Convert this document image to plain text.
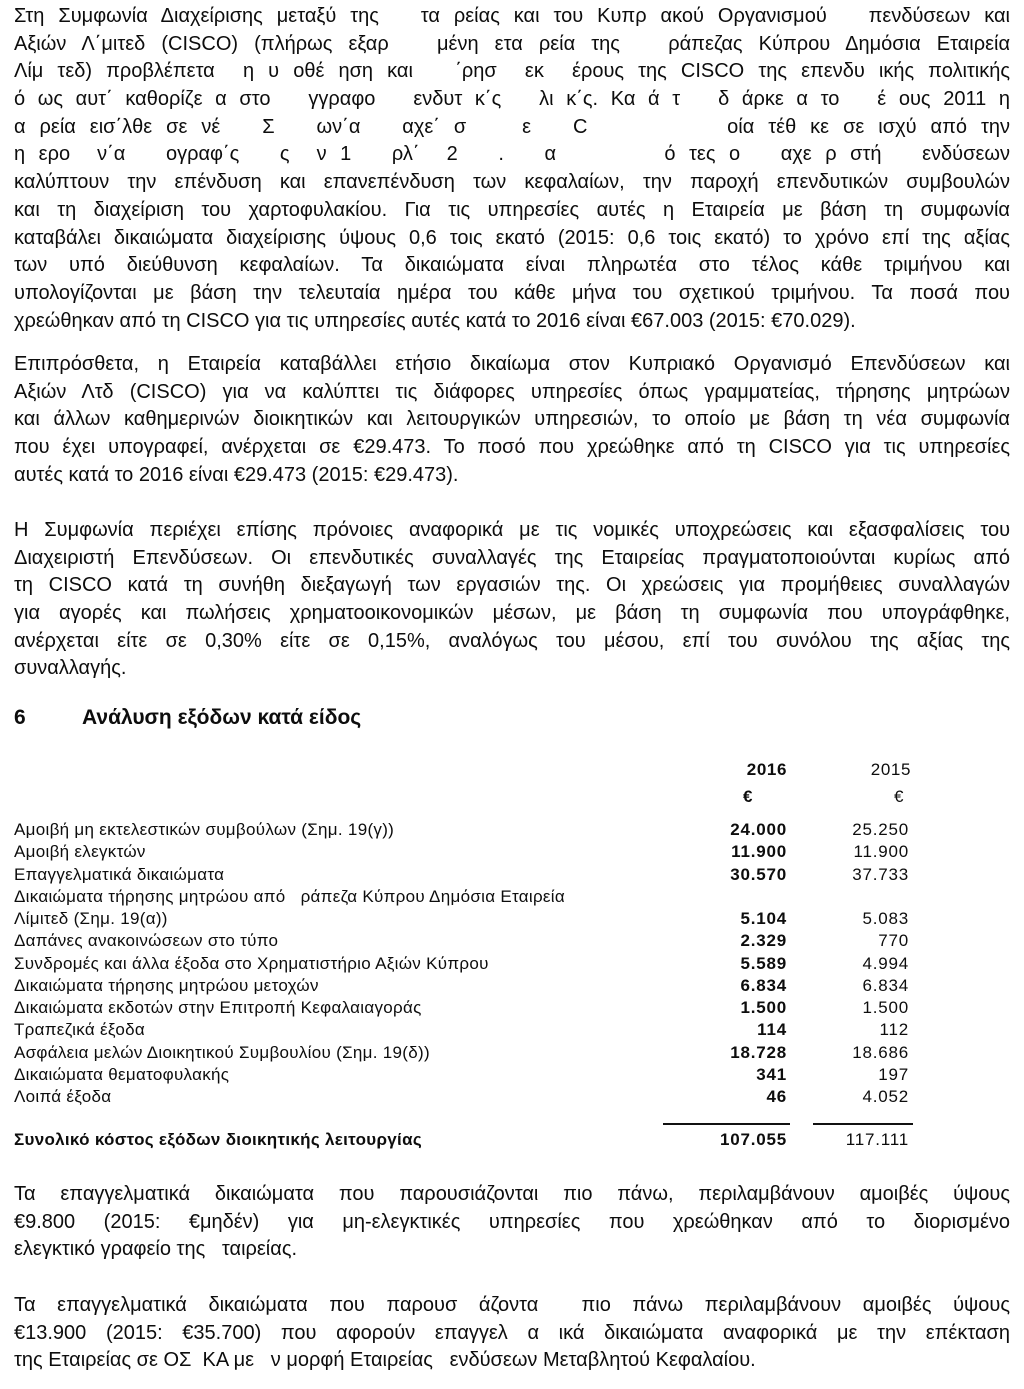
Στη Συμφωνία Διαχείρισης μεταξύ της   τα ρείας και του Κυπρ ακού Οργανισμού   πενδύσεων και
Αξιών Λ΄μιτεδ (CISCO) (πλήρως εξαρ   μένη ετα ρεία της   ράπεζας Κύπρου Δημόσια Εταιρεία
Λίμ τεδ) προβλέπετα  η υ οθέ ηση και   ΄ρησ  εκ  έρους της CISCO της επενδυ ικής πολιτικής
ό ως αυτ΄ καθορίζε α στο   γγραφο   ενδυτ κ΄ς   λι κ΄ς. Κα ά τ   δ άρκε α το   έ ους 2011 η
α ρεία εισ΄λθε σε νέ   Σ   ων΄α   αχε΄ σ    ε   C          οία τέθ κε σε ισχύ από την
η ερο  ν΄α   ογραφ΄ς   ς  ν 1   ρλ΄  2   .   α        ό τες ο   αχε ρ στή   ενδύσεων
καλύπτουν την επένδυση και επανεπένδυση των κεφαλαίων, την παροχή επενδυτικών συμβουλών
και τη διαχείριση του χαρτοφυλακίου. Για τις υπηρεσίες αυτές η Εταιρεία με βάση τη συμφωνία
καταβάλει δικαιώματα διαχείρισης ύψους 0,6 τοις εκατό (2015: 0,6 τοις εκατό) το χρόνο επί της αξίας
των υπό διεύθυνση κεφαλαίων. Τα δικαιώματα είναι πληρωτέα στο τέλος κάθε τριμήνου και
υπολογίζονται με βάση την τελευταία ημέρα του κάθε μήνα του σχετικού τριμήνου. Τα ποσά που
χρεώθηκαν από τη CISCO για τις υπηρεσίες αυτές κατά το 2016 είναι €67.003 (2015: €70.029).
Επιπρόσθετα, η Εταιρεία καταβάλλει ετήσιο δικαίωμα στον Κυπριακό Οργανισμό Επενδύσεων και
Αξιών Λτδ (CISCO) για να καλύπτει τις διάφορες υπηρεσίες όπως γραμματείας, τήρησης μητρώων
και άλλων καθημερινών διοικητικών και λειτουργικών υπηρεσιών, το οποίο με βάση τη νέα συμφωνία
που έχει υπογραφεί, ανέρχεται σε €29.473. Το ποσό που χρεώθηκε από τη CISCO για τις υπηρεσίες
αυτές κατά το 2016 είναι €29.473 (2015: €29.473).
Η Συμφωνία περιέχει επίσης πρόνοιες αναφορικά με τις νομικές υποχρεώσεις και εξασφαλίσεις του
Διαχειριστή Επενδύσεων. Οι επενδυτικές συναλλαγές της Εταιρείας πραγματοποιούνται κυρίως από
τη CISCO κατά τη συνήθη διεξαγωγή των εργασιών της. Οι χρεώσεις για προμήθειες συναλλαγών
για αγορές και πωλήσεις χρηματοοικονομικών μέσων, με βάση τη συμφωνία που υπογράφθηκε,
ανέρχεται είτε σε 0,30% είτε σε 0,15%, αναλόγως του μέσου, επί του συνόλου της αξίας της
συναλλαγής.
6	Ανάλυση εξόδων κατά είδος
2016	2015
€	€
Αμοιβή μη εκτελεστικών συμβούλων (Σημ. 19(γ))	24.000	25.250
Αμοιβή ελεγκτών	11.900	11.900
Επαγγελματικά δικαιώματα	30.570	37.733
Δικαιώματα τήρησης μητρώου από   ράπεζα Κύπρου Δημόσια Εταιρεία
Λίμιτεδ (Σημ. 19(α))	5.104	5.083
Δαπάνες ανακοινώσεων στο τύπο	2.329	770
Συνδρομές και άλλα έξοδα στο Χρηματιστήριο Αξιών Κύπρου	5.589	4.994
Δικαιώματα τήρησης μητρώου μετοχών	6.834	6.834
Δικαιώματα εκδοτών στην Επιτροπή Κεφαλαιαγοράς	1.500	1.500
Τραπεζικά έξοδα	114	112
Ασφάλεια μελών Διοικητικού Συμβουλίου (Σημ. 19(δ))	18.728	18.686
Δικαιώματα θεματοφυλακής	341	197
Λοιπά έξοδα	46	4.052
Συνολικό κόστος εξόδων διοικητικής λειτουργίας	107.055	117.111
Τα επαγγελματικά δικαιώματα που παρουσιάζονται πιο πάνω, περιλαμβάνουν αμοιβές ύψους
€9.800 (2015: €μηδέν) για μη-ελεγκτικές υπηρεσίες που χρεώθηκαν από το διορισμένο
ελεγκτικό γραφείο της   ταιρείας.
Τα επαγγελματικά δικαιώματα που παρουσ άζοντα  πιο πάνω περιλαμβάνουν αμοιβές ύψους
€13.900 (2015: €35.700) που αφορούν επαγγελ α ικά δικαιώματα αναφορικά με την επέκταση
της Εταιρείας σε ΟΣ  ΚΑ με   ν μορφή Εταιρείας   ενδύσεων Μεταβλητού Κεφαλαίου.
